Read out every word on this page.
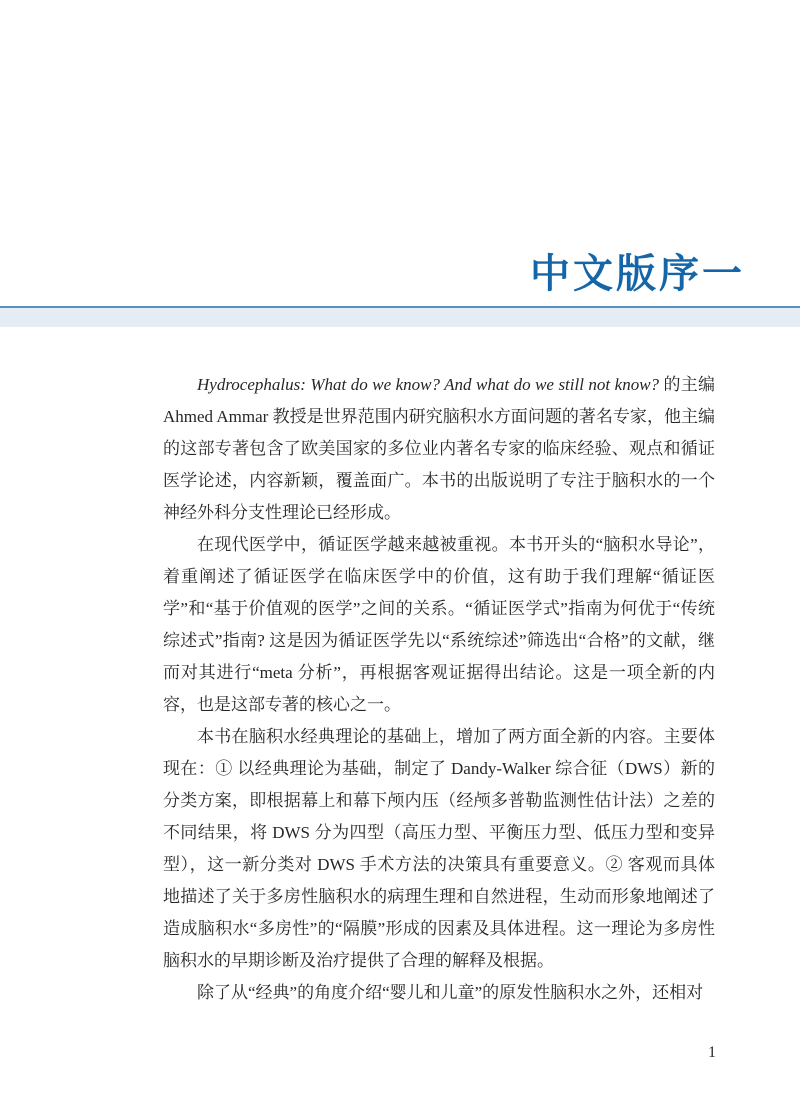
中文版序一

Hydrocephalus: What do we know? And what do we still not know? 的主编 Ahmed Ammar 教授是世界范围内研究脑积水方面问题的著名专家，他主编的这部专著包含了欧美国家的多位业内著名专家的临床经验、观点和循证医学论述，内容新颖，覆盖面广。本书的出版说明了专注于脑积水的一个神经外科分支性理论已经形成。

在现代医学中，循证医学越来越被重视。本书开头的“脑积水导论”，着重阐述了循证医学在临床医学中的价值，这有助于我们理解“循证医学”和“基于价值观的医学”之间的关系。“循证医学式”指南为何优于“传统综述式”指南? 这是因为循证医学先以“系统综述”筛选出“合格”的文献，继而对其进行“meta 分析”，再根据客观证据得出结论。这是一项全新的内容，也是这部专著的核心之一。

本书在脑积水经典理论的基础上，增加了两方面全新的内容。主要体现在：① 以经典理论为基础，制定了 Dandy-Walker 综合征（DWS）新的分类方案，即根据幕上和幕下颅内压（经颅多普勒监测性估计法）之差的不同结果，将 DWS 分为四型（高压力型、平衡压力型、低压力型和变异型），这一新分类对 DWS 手术方法的决策具有重要意义。② 客观而具体地描述了关于多房性脑积水的病理生理和自然进程，生动而形象地阐述了造成脑积水“多房性”的“隔膜”形成的因素及具体进程。这一理论为多房性脑积水的早期诊断及治疗提供了合理的解释及根据。

除了从“经典”的角度介绍“婴儿和儿童”的原发性脑积水之外，还相对

1
